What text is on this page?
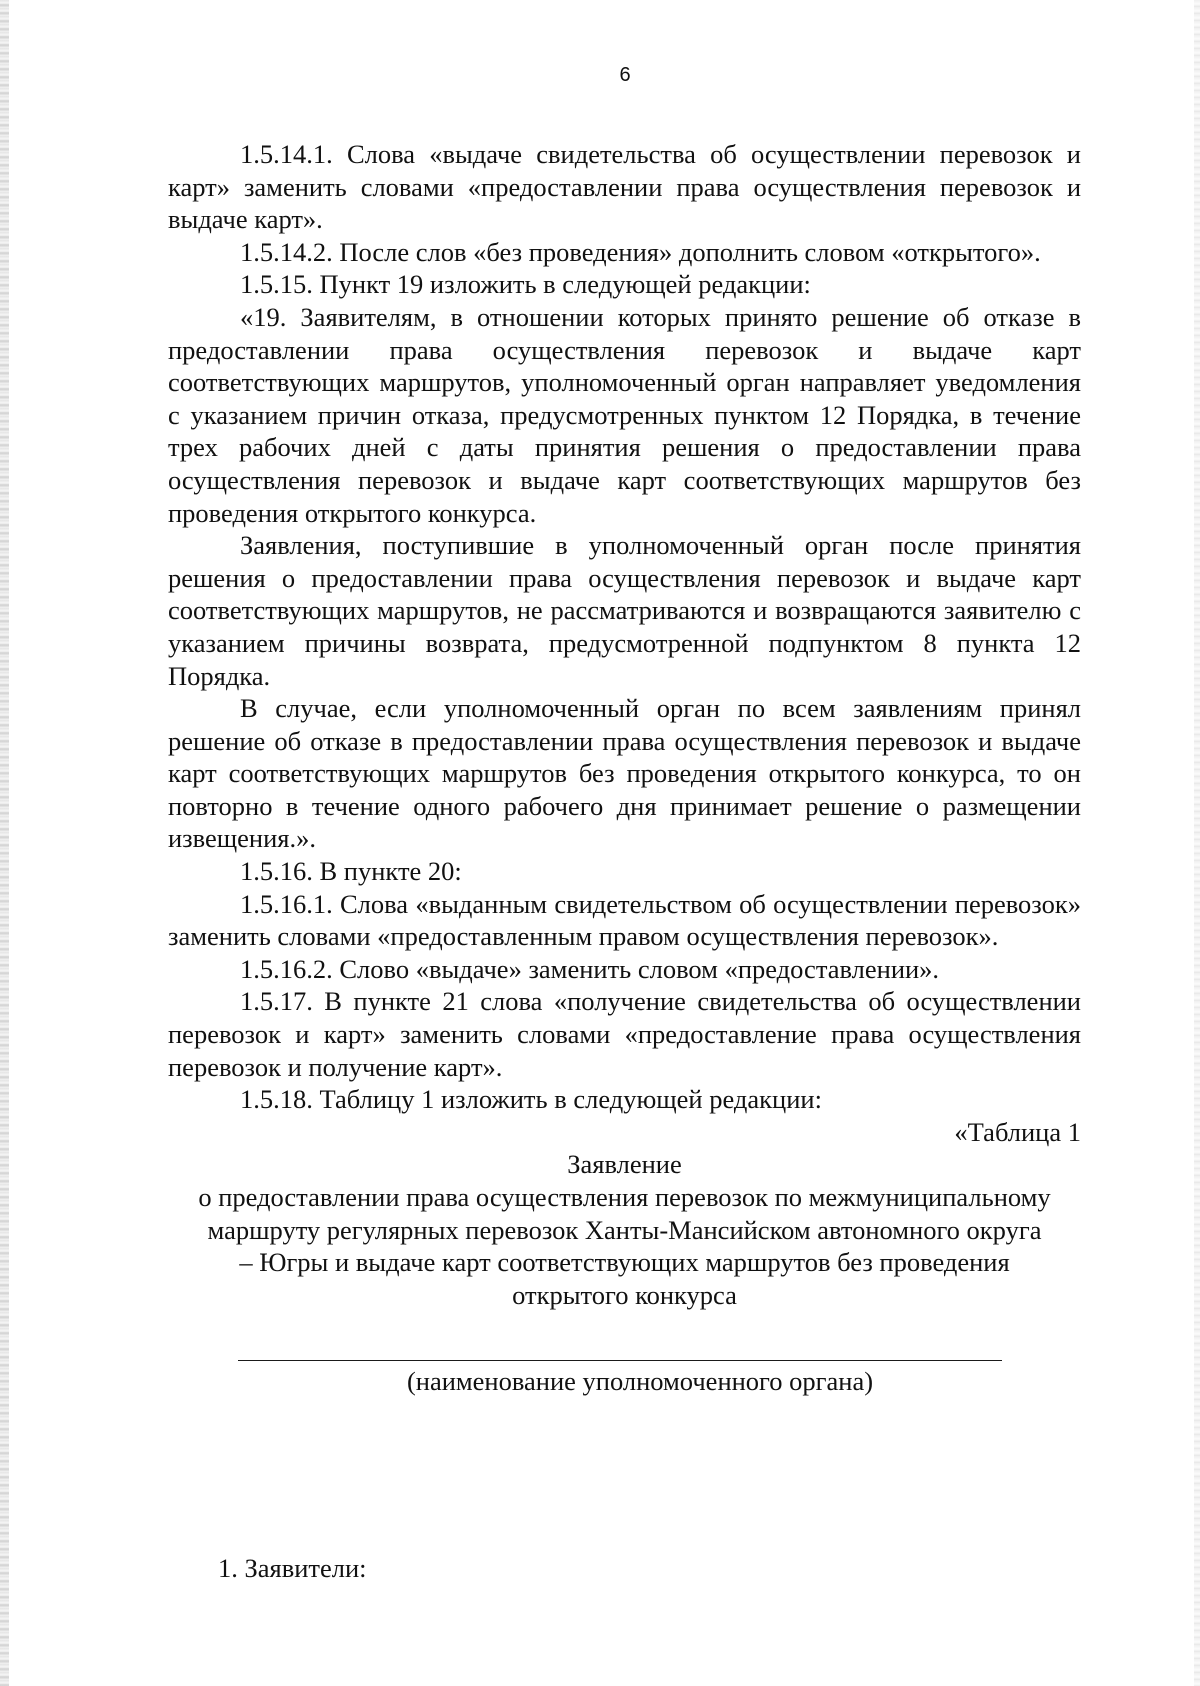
6

1.5.14.1. Слова «выдаче свидетельства об осуществлении перевозок и карт» заменить словами «предоставлении права осуществления перевозок и выдаче карт».

1.5.14.2. После слов «без проведения» дополнить словом «открытого».

1.5.15. Пункт 19 изложить в следующей редакции:

«19. Заявителям, в отношении которых принято решение об отказе в предоставлении права осуществления перевозок и выдаче карт соответствующих маршрутов, уполномоченный орган направляет уведомления с указанием причин отказа, предусмотренных пунктом 12 Порядка, в течение трех рабочих дней с даты принятия решения о предоставлении права осуществления перевозок и выдаче карт соответствующих маршрутов без проведения открытого конкурса.

Заявления, поступившие в уполномоченный орган после принятия решения о предоставлении права осуществления перевозок и выдаче карт соответствующих маршрутов, не рассматриваются и возвращаются заявителю с указанием причины возврата, предусмотренной подпунктом 8 пункта 12 Порядка.

В случае, если уполномоченный орган по всем заявлениям принял решение об отказе в предоставлении права осуществления перевозок и выдаче карт соответствующих маршрутов без проведения открытого конкурса, то он повторно в течение одного рабочего дня принимает решение о размещении извещения.».

1.5.16. В пункте 20:

1.5.16.1. Слова «выданным свидетельством об осуществлении перевозок» заменить словами «предоставленным правом осуществления перевозок».

1.5.16.2. Слово «выдаче» заменить словом «предоставлении».

1.5.17. В пункте 21 слова «получение свидетельства об осуществлении перевозок и карт» заменить словами «предоставление права осуществления перевозок и получение карт».

1.5.18. Таблицу 1 изложить в следующей редакции:

«Таблица 1

Заявление

о предоставлении права осуществления перевозок по межмуниципальному

маршруту регулярных перевозок Ханты-Мансийском автономного округа

– Югры и выдаче карт соответствующих маршрутов без проведения

открытого конкурса

(наименование уполномоченного органа)
1. Заявители:
